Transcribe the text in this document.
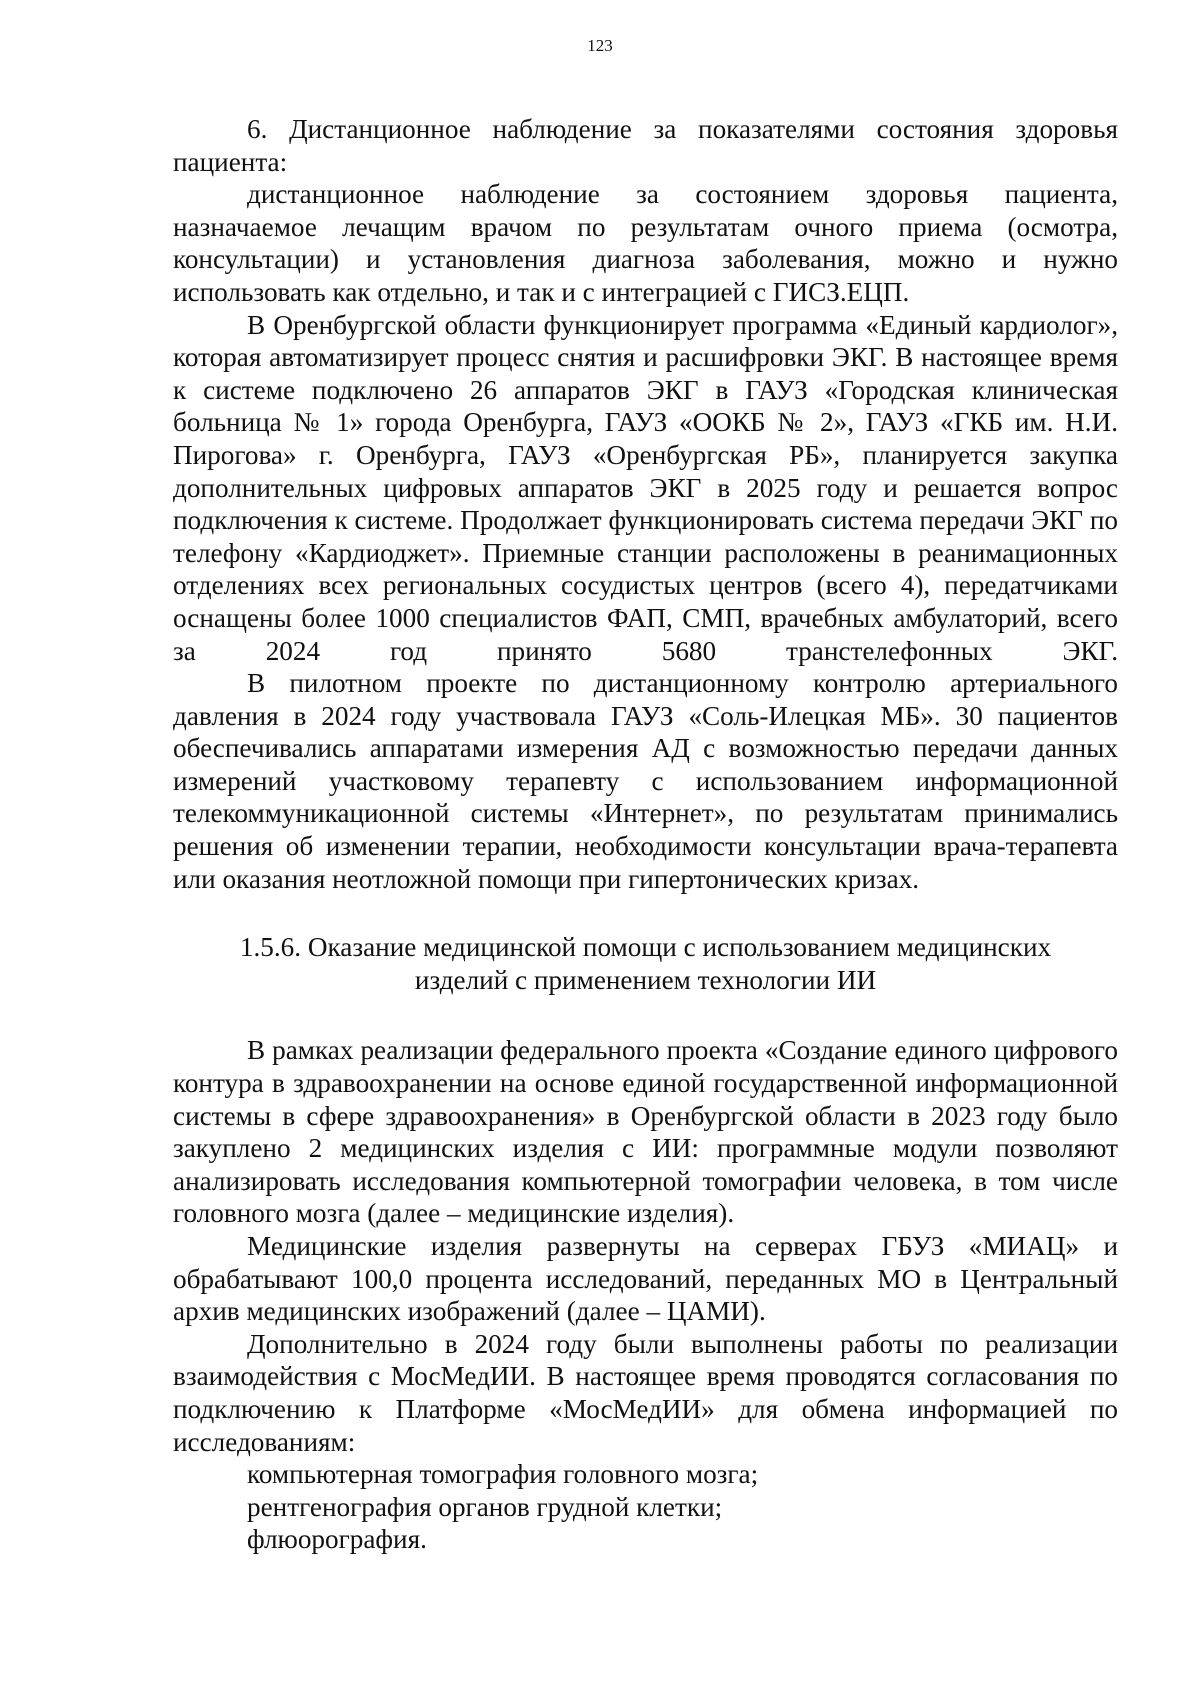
123

6. Дистанционное наблюдение за показателями состояния здоровья пациента:

дистанционное наблюдение за состоянием здоровья пациента, назначаемое лечащим врачом по результатам очного приема (осмотра, консультации) и установления диагноза заболевания, можно и нужно использовать как отдельно, и так и с интеграцией с ГИСЗ.ЕЦП.

В Оренбургской области функционирует программа «Единый кардиолог», которая автоматизирует процесс снятия и расшифровки ЭКГ. В настоящее время к системе подключено 26 аппаратов ЭКГ в ГАУЗ «Городская клиническая больница № 1» города Оренбурга, ГАУЗ «ООКБ № 2», ГАУЗ «ГКБ им. Н.И. Пирогова» г. Оренбурга, ГАУЗ «Оренбургская РБ», планируется закупка дополнительных цифровых аппаратов ЭКГ в 2025 году и решается вопрос подключения к системе. Продолжает функционировать система передачи ЭКГ по телефону «Кардиоджет». Приемные станции расположены в реанимационных отделениях всех региональных сосудистых центров (всего 4), передатчиками оснащены более 1000 специалистов ФАП, СМП, врачебных амбулаторий, всего за 2024 год принято 5680 транстелефонных ЭКГ.

В пилотном проекте по дистанционному контролю артериального давления в 2024 году участвовала ГАУЗ «Соль-Илецкая МБ». 30 пациентов обеспечивались аппаратами измерения АД с возможностью передачи данных измерений участковому терапевту с использованием информационной телекоммуникационной системы «Интернет», по результатам принимались решения об изменении терапии, необходимости консультации врача-терапевта или оказания неотложной помощи при гипертонических кризах.

1.5.6. Оказание медицинской помощи с использованием медицинских
изделий с применением технологии ИИ

В рамках реализации федерального проекта «Создание единого цифрового контура в здравоохранении на основе единой государственной информационной системы в сфере здравоохранения» в Оренбургской области в 2023 году было закуплено 2 медицинских изделия с ИИ: программные модули позволяют анализировать исследования компьютерной томографии человека, в том числе головного мозга (далее – медицинские изделия).

Медицинские изделия развернуты на серверах ГБУЗ «МИАЦ» и обрабатывают 100,0 процента исследований, переданных МО в Центральный архив медицинских изображений (далее – ЦАМИ).

Дополнительно в 2024 году были выполнены работы по реализации взаимодействия с МосМедИИ. В настоящее время проводятся согласования по подключению к Платформе «МосМедИИ» для обмена информацией по исследованиям:

компьютерная томография головного мозга;

рентгенография органов грудной клетки;

флюорография.
